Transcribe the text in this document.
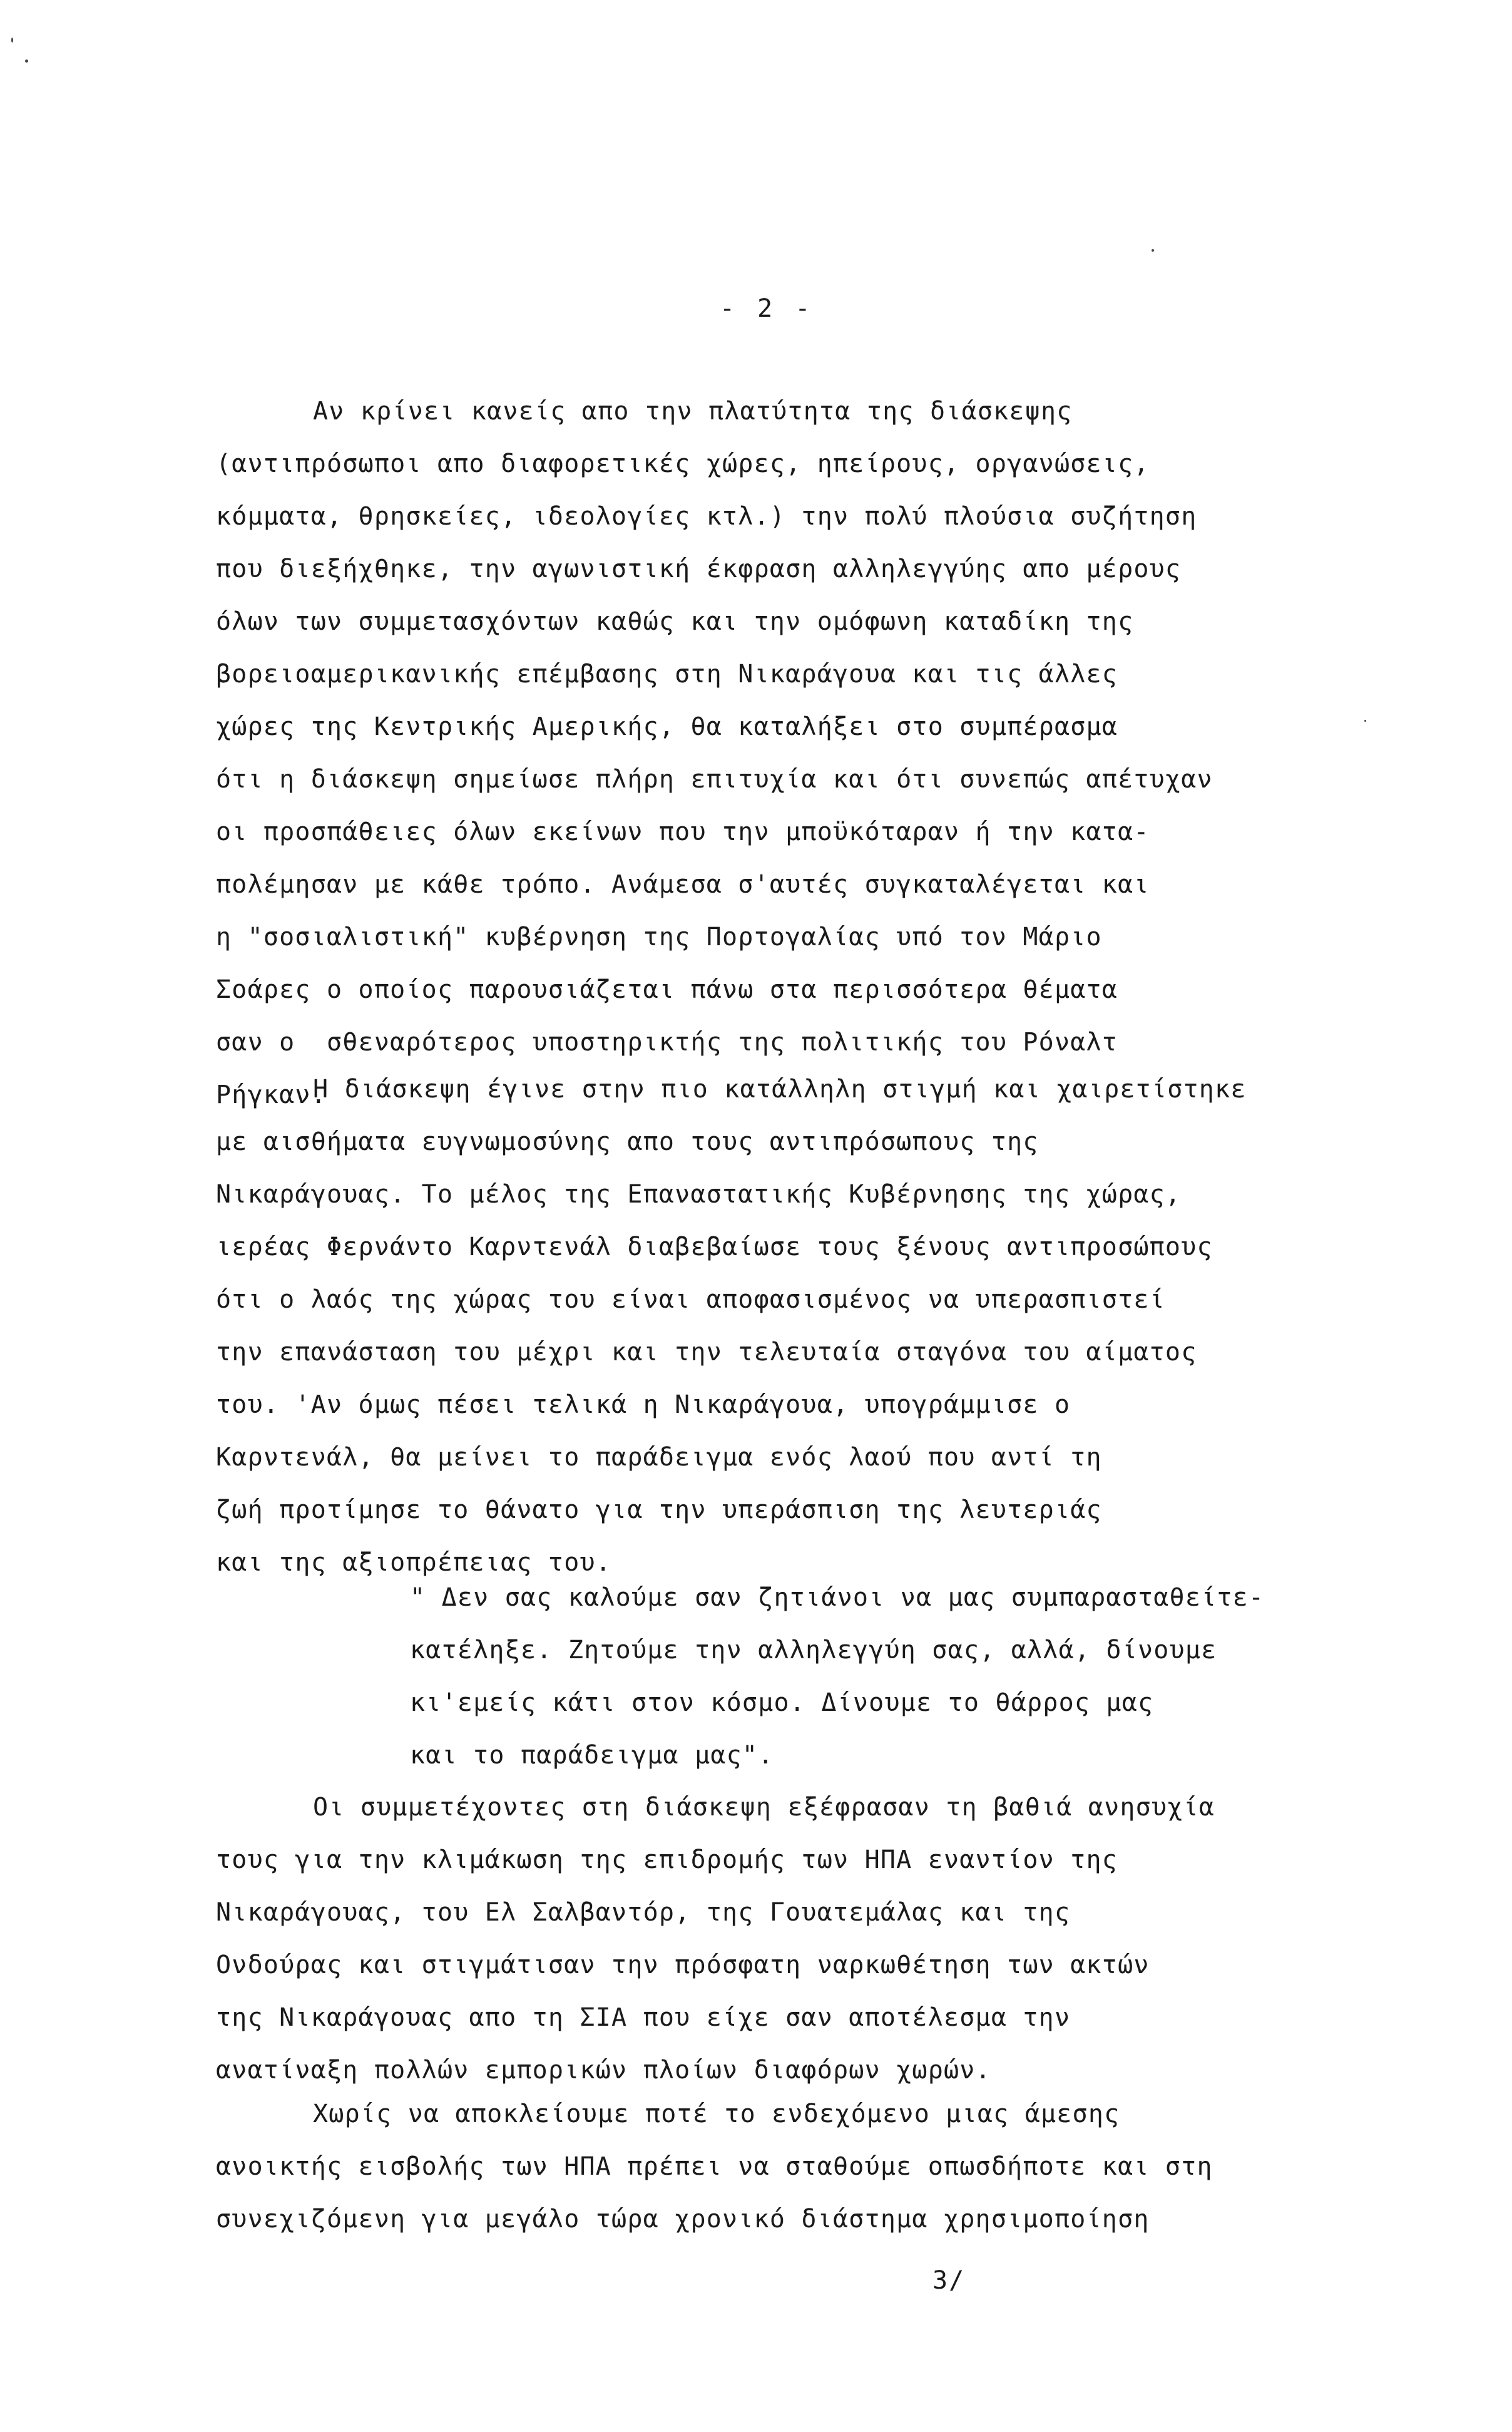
- 2 -
Αν κρίνει κανείς απο την πλατύτητα της διάσκεψης
(αντιπρόσωποι απο διαφορετικές χώρες, ηπείρους, οργανώσεις,
κόμματα, θρησκείες, ιδεολογίες κτλ.) την πολύ πλούσια συζήτηση
που διεξήχθηκε, την αγωνιστική έκφραση αλληλεγγύης απο μέρους
όλων των συμμετασχόντων καθώς και την ομόφωνη καταδίκη της
βορειοαμερικανικής επέμβασης στη Νικαράγουα και τις άλλες
χώρες της Κεντρικής Αμερικής, θα καταλήξει στο συμπέρασμα
ότι η διάσκεψη σημείωσε πλήρη επιτυχία και ότι συνεπώς απέτυχαν
οι προσπάθειες όλων εκείνων που την μποϋκόταραν ή την κατα-
πολέμησαν με κάθε τρόπο. Ανάμεσα σ'αυτές συγκαταλέγεται και
η "σοσιαλιστική" κυβέρνηση της Πορτογαλίας υπό τον Μάριο
Σοάρες ο οποίος παρουσιάζεται πάνω στα περισσότερα θέματα
σαν ο  σθεναρότερος υποστηρικτής της πολιτικής του Ρόναλτ
Ρήγκαν.
Η διάσκεψη έγινε στην πιο κατάλληλη στιγμή και χαιρετίστηκε
με αισθήματα ευγνωμοσύνης απο τους αντιπρόσωπους της
Νικαράγουας. Το μέλος της Επαναστατικής Κυβέρνησης της χώρας,
ιερέας Φερνάντο Καρντενάλ διαβεβαίωσε τους ξένους αντιπροσώπους
ότι ο λαός της χώρας του είναι αποφασισμένος να υπερασπιστεί
την επανάσταση του μέχρι και την τελευταία σταγόνα του αίματος
του. 'Αν όμως πέσει τελικά η Νικαράγουα, υπογράμμισε ο
Καρντενάλ, θα μείνει το παράδειγμα ενός λαού που αντί τη
ζωή προτίμησε το θάνατο για την υπεράσπιση της λευτεριάς
και της αξιοπρέπειας του.
" Δεν σας καλούμε σαν ζητιάνοι να μας συμπαρασταθείτε-
κατέληξε. Ζητούμε την αλληλεγγύη σας, αλλά, δίνουμε
κι'εμείς κάτι στον κόσμο. Δίνουμε το θάρρος μας
και το παράδειγμα μας".
Οι συμμετέχοντες στη διάσκεψη εξέφρασαν τη βαθιά ανησυχία
τους για την κλιμάκωση της επιδρομής των ΗΠΑ εναντίον της
Νικαράγουας, του Ελ Σαλβαντόρ, της Γουατεμάλας και της
Ονδούρας και στιγμάτισαν την πρόσφατη ναρκωθέτηση των ακτών
της Νικαράγουας απο τη ΣΙΑ που είχε σαν αποτέλεσμα την
ανατίναξη πολλών εμπορικών πλοίων διαφόρων χωρών.
Χωρίς να αποκλείουμε ποτέ το ενδεχόμενο μιας άμεσης
ανοικτής εισβολής των ΗΠΑ πρέπει να σταθούμε οπωσδήποτε και στη
συνεχιζόμενη για μεγάλο τώρα χρονικό διάστημα χρησιμοποίηση
3/
